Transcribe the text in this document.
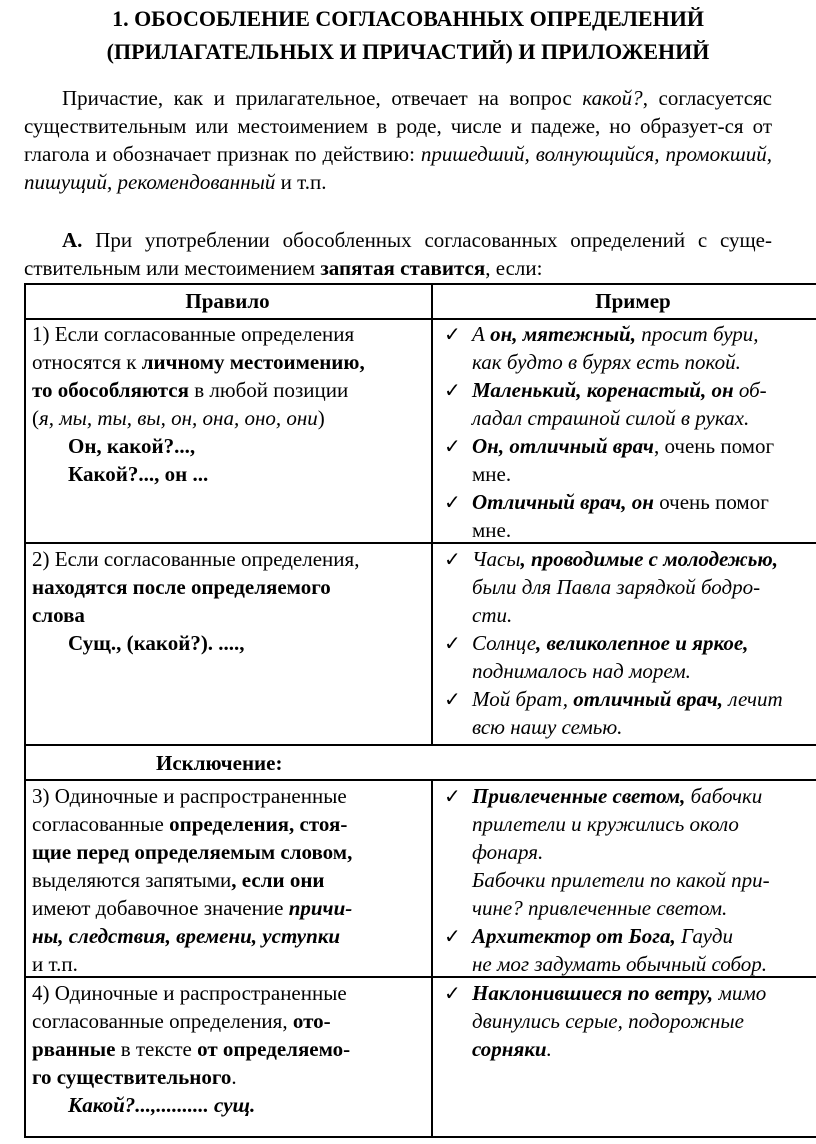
1. ОБОСОБЛЕНИЕ СОГЛАСОВАННЫХ ОПРЕДЕЛЕНИЙ
(ПРИЛАГАТЕЛЬНЫХ И ПРИЧАСТИЙ) И ПРИЛОЖЕНИЙ
Причастие, как и прилагательное, отвечает на вопрос какой?, согласуетсяс существительным или местоимением в роде, числе и падеже, но образует-ся от глагола и обозначает признак по действию: пришедший, волнующийся, промокший, пишущий, рекомендованный и т.п.
А. При употреблении обособленных согласованных определений с суще- ствительным или местоимением запятая ставится, если:
Правило	Пример
1) Если согласованные определения
относятся к личному местоимению,
то обособляются в любой позиции
(я, мы, ты, вы, он, она, оно, они)
Он, какой?...,
Какой?..., он ...
✓ А он, мятежный, просит бури,
как будто в бурях есть покой.
✓ Маленький, коренастый, он об-
ладал страшной силой в руках.
✓ Он, отличный врач, очень помог
мне.
✓ Отличный врач, он очень помог
мне.
2) Если согласованные определения,
находятся после определяемого
слова
Сущ., (какой?). ....,
✓ Часы, проводимые с молодежью,
были для Павла зарядкой бодро-
сти.
✓ Солнце, великолепное и яркое,
поднималось над морем.
✓ Мой брат, отличный врач, лечит
всю нашу семью.
Исключение:
3) Одиночные и распространенные
согласованные определения, стоя-
щие перед определяемым словом,
выделяются запятыми, если они
имеют добавочное значение причи-
ны, следствия, времени, уступки
и т.п.
✓ Привлеченные светом, бабочки
прилетели и кружились около
фонаря.
Бабочки прилетели по какой при-
чине? привлеченные светом.
✓ Архитектор от Бога, Гауди
не мог задумать обычный собор.
4) Одиночные и распространенные
согласованные определения, ото-
рванные в тексте от определяемо-
го существительного.
Какой?...,.......... сущ.
✓ Наклонившиеся по ветру, мимо
двинулись серые, подорожные
сорняки.
